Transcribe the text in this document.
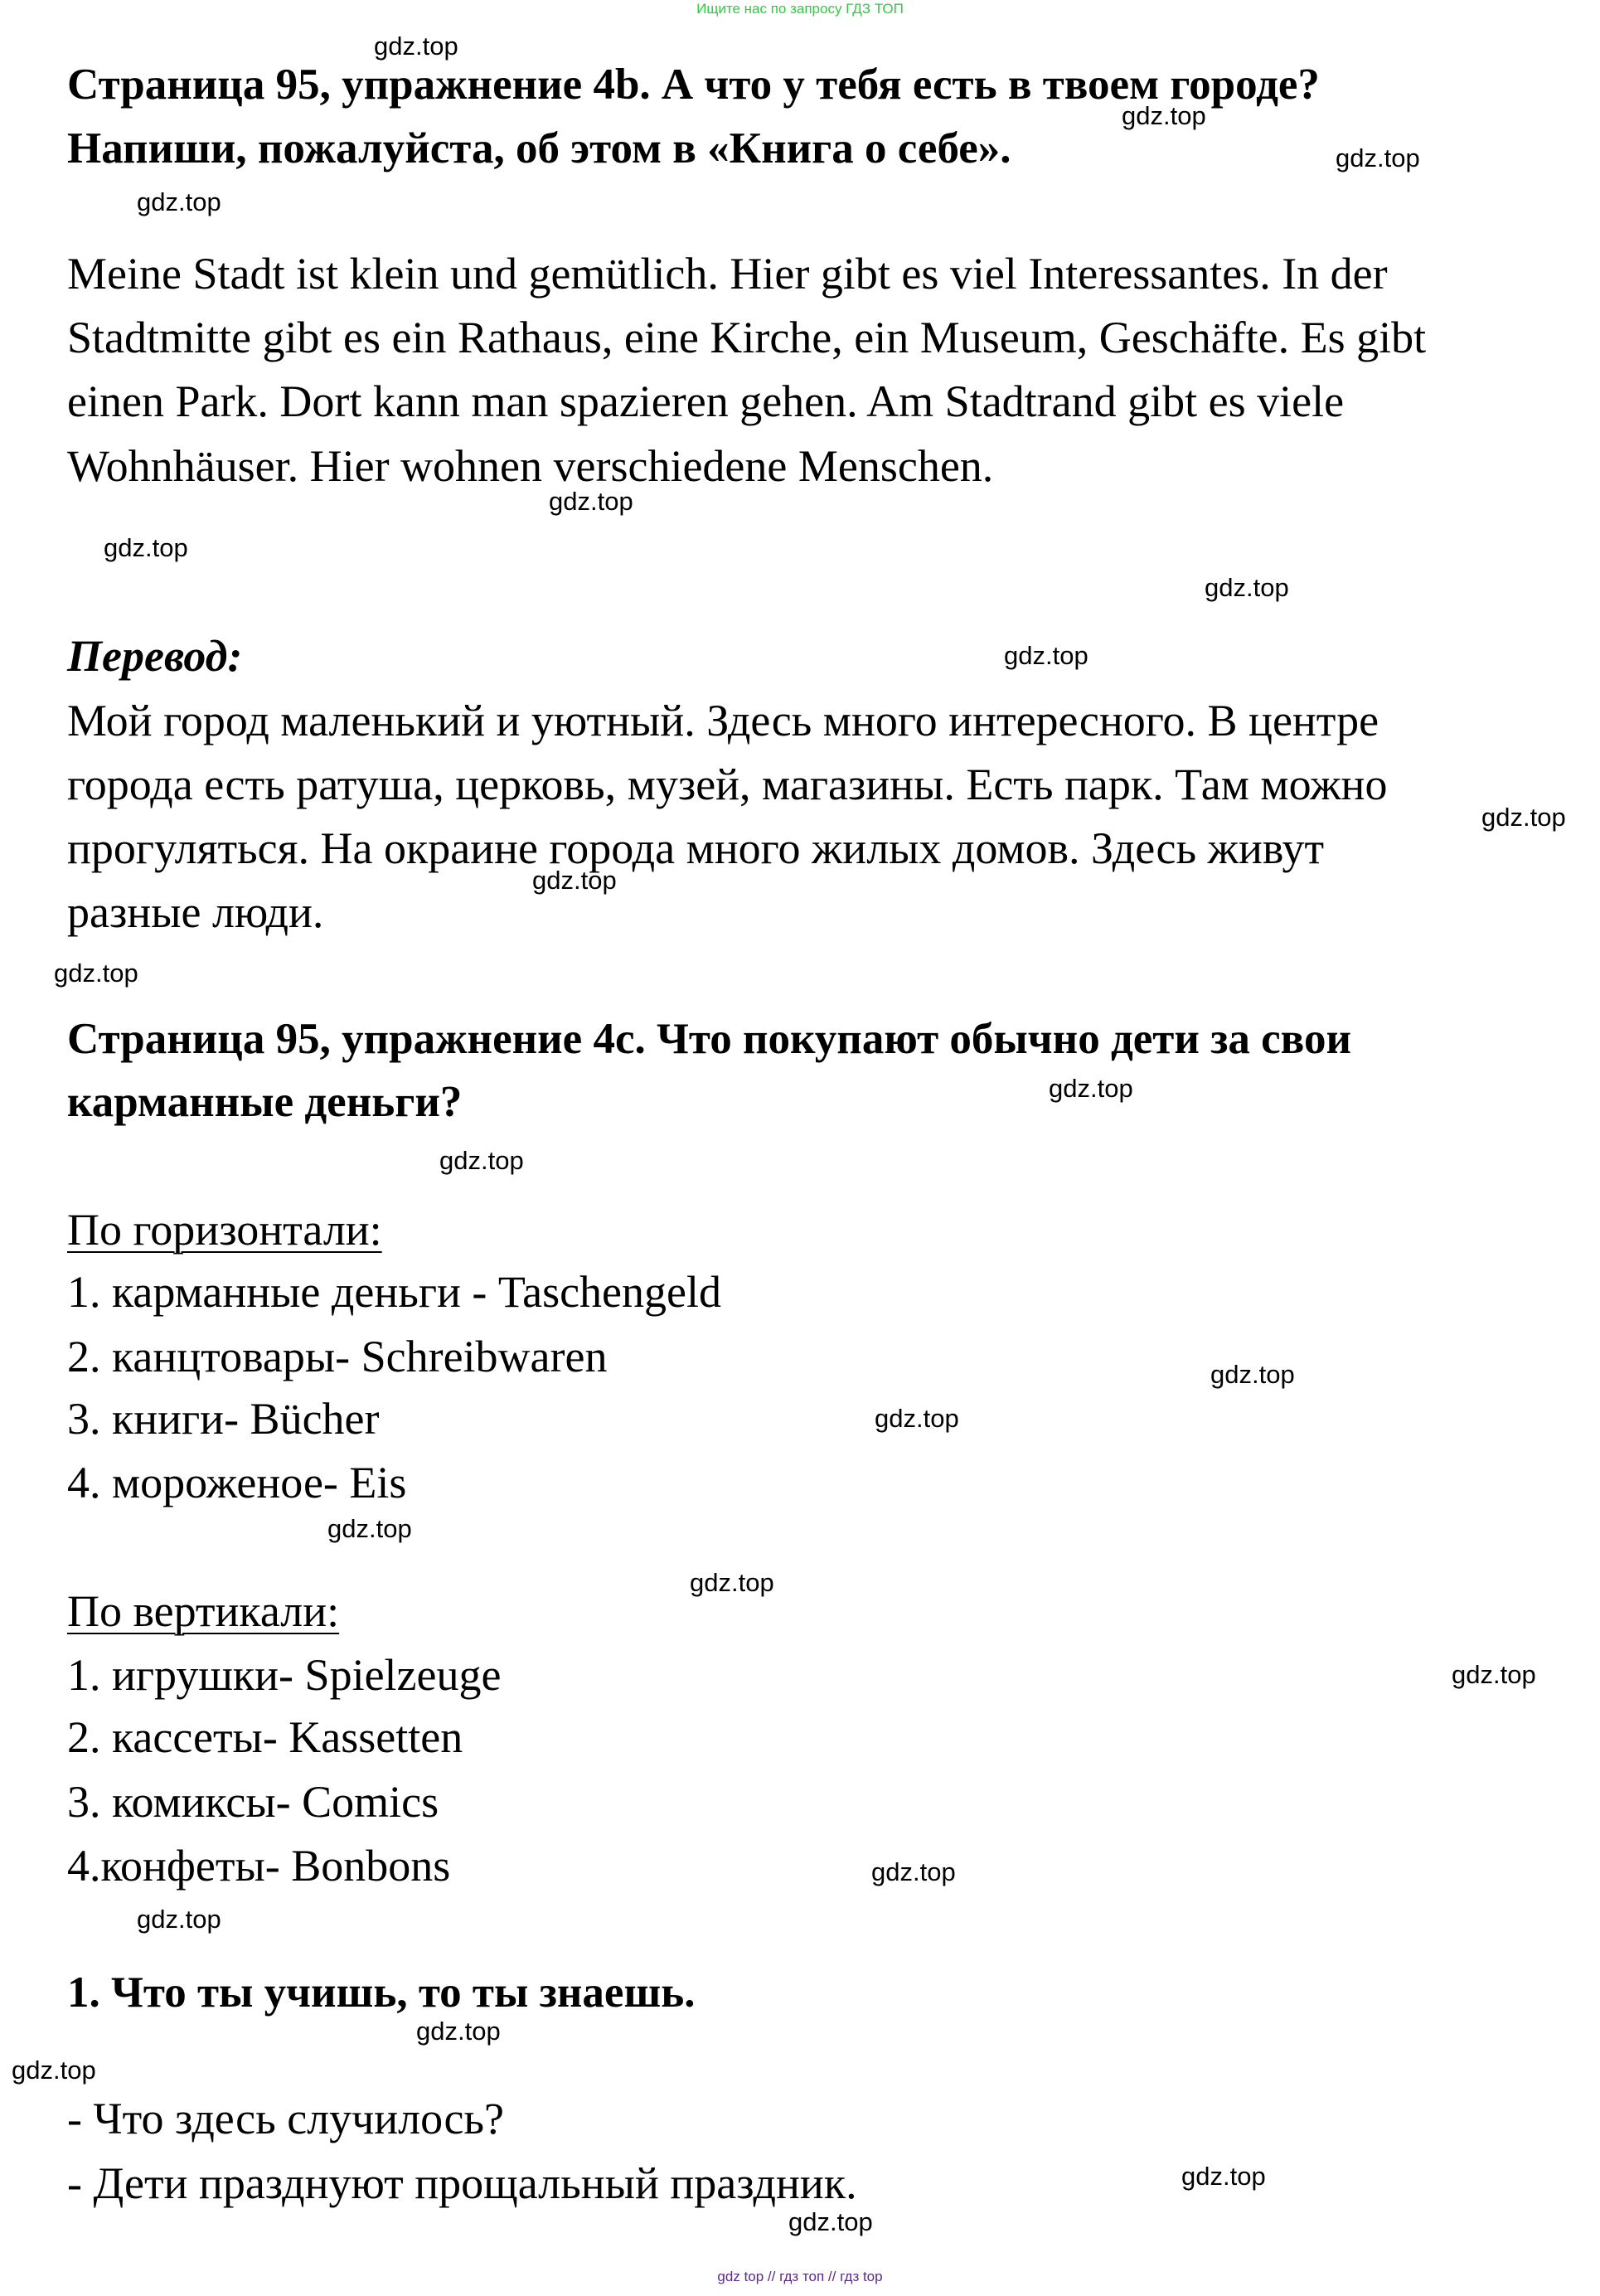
Ищите нас по запросу ГДЗ ТОП
Страница 95, упражнение 4b. А что у тебя есть в твоем городе?
Напиши, пожалуйста, об этом в «Книга о себе».
Meine Stadt ist klein und gemütlich. Hier gibt es viel Interessantes. In der
Stadtmitte gibt es ein Rathaus, eine Kirche, ein Museum, Geschäfte. Es gibt
einen Park. Dort kann man spazieren gehen. Am Stadtrand gibt es viele
Wohnhäuser. Hier wohnen verschiedene Menschen.
Перевод:
Мой город маленький и уютный. Здесь много интересного. В центре
города есть ратуша, церковь, музей, магазины. Есть парк. Там можно
прогуляться. На окраине города много жилых домов. Здесь живут
разные люди.
Страница 95, упражнение 4с. Что покупают обычно дети за свои
карманные деньги?
По горизонтали:
1. карманные деньги - Taschengeld
2. канцтовары- Schreibwaren
3. книги- Bücher
4. мороженое- Eis
По вертикали:
1. игрушки- Spielzeuge
2. кассеты- Kassetten
3. комиксы- Comics
4.конфеты- Bonbons
1. Что ты учишь, то ты знаешь.
- Что здесь случилось?
- Дети празднуют прощальный праздник.
gdz.top
gdz.top
gdz.top
gdz.top
gdz.top
gdz.top
gdz.top
gdz.top
gdz.top
gdz.top
gdz.top
gdz.top
gdz.top
gdz.top
gdz.top
gdz.top
gdz.top
gdz.top
gdz.top
gdz.top
gdz.top
gdz.top
gdz.top
gdz.top
gdz top // гдз топ // гдз top
